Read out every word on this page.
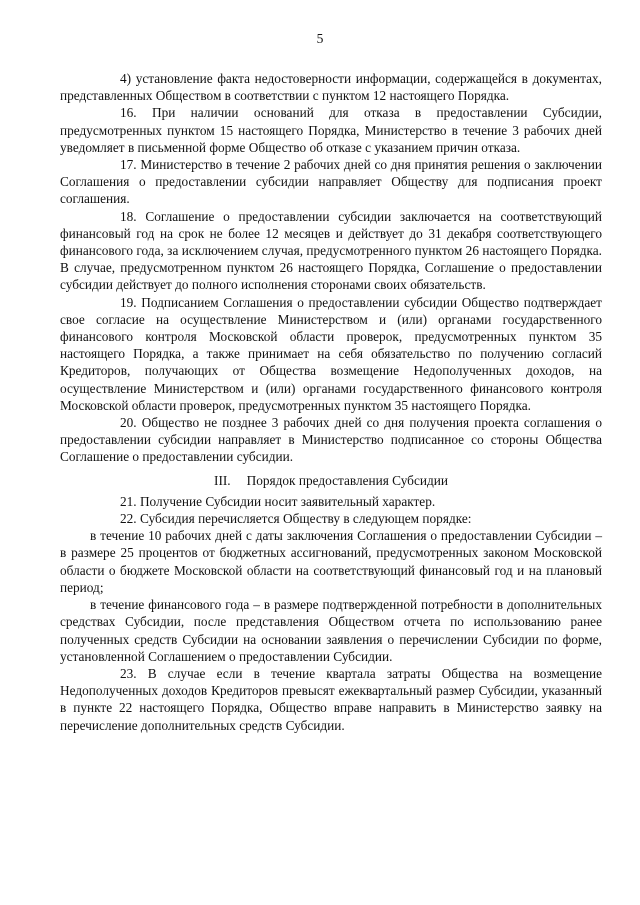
5

4) установление факта недостоверности информации, содержащейся в документах, представленных Обществом в соответствии с пунктом 12 настоящего Порядка.

16. При наличии оснований для отказа в предоставлении Субсидии, предусмотренных пунктом 15 настоящего Порядка, Министерство в течение 3 рабочих дней уведомляет в письменной форме Общество об отказе с указанием причин отказа.

17. Министерство в течение 2 рабочих дней со дня принятия решения о заключении Соглашения о предоставлении субсидии направляет Обществу для подписания проект соглашения.

18. Соглашение о предоставлении субсидии заключается на соответствующий финансовый год на срок не более 12 месяцев и действует до 31 декабря соответствующего финансового года, за исключением случая, предусмотренного пунктом 26 настоящего Порядка. В случае, предусмотренном пунктом 26 настоящего Порядка, Соглашение о предоставлении субсидии действует до полного исполнения сторонами своих обязательств.

19. Подписанием Соглашения о предоставлении субсидии Общество подтверждает свое согласие на осуществление Министерством и (или) органами государственного финансового контроля Московской области проверок, предусмотренных пунктом 35 настоящего Порядка, а также принимает на себя обязательство по получению согласий Кредиторов, получающих от Общества возмещение Недополученных доходов, на осуществление Министерством и (или) органами государственного финансового контроля Московской области проверок, предусмотренных пунктом 35 настоящего Порядка.

20. Общество не позднее 3 рабочих дней со дня получения проекта соглашения о предоставлении субсидии направляет в Министерство подписанное со стороны Общества Соглашение о предоставлении субсидии.

III. Порядок предоставления Субсидии

21. Получение Субсидии носит заявительный характер.

22. Субсидия перечисляется Обществу в следующем порядке:

в течение 10 рабочих дней с даты заключения Соглашения о предоставлении Субсидии – в размере 25 процентов от бюджетных ассигнований, предусмотренных законом Московской области о бюджете Московской области на соответствующий финансовый год и на плановый период;

в течение финансового года – в размере подтвержденной потребности в дополнительных средствах Субсидии, после представления Обществом отчета по использованию ранее полученных средств Субсидии на основании заявления о перечислении Субсидии по форме, установленной Соглашением о предоставлении Субсидии.

23. В случае если в течение квартала затраты Общества на возмещение Недополученных доходов Кредиторов превысят ежеквартальный размер Субсидии, указанный в пункте 22 настоящего Порядка, Общество вправе направить в Министерство заявку на перечисление дополнительных средств Субсидии.
